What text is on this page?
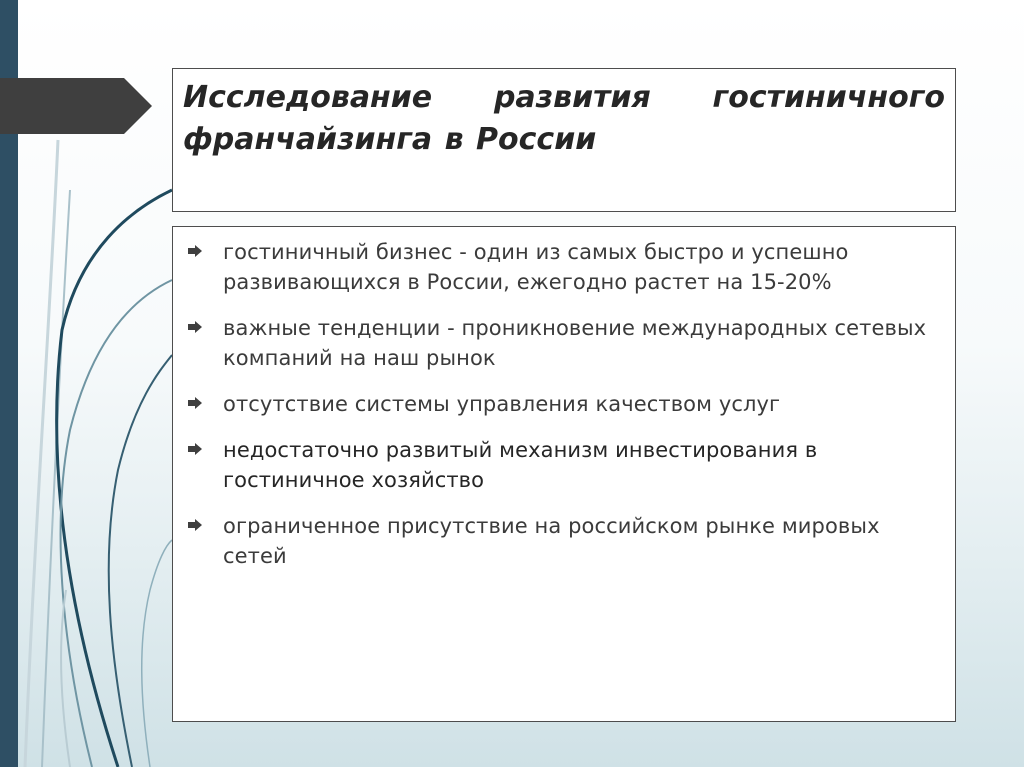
Исследование развития гостиничного франчайзинга в России
гостиничный бизнес - один из самых быстро и успешно развивающихся в России, ежегодно растет на 15-20%
важные тенденции - проникновение международных сетевых компаний на наш рынок
отсутствие системы управления качеством услуг
недостаточно развитый механизм инвестирования в гостиничное хозяйство
ограниченное присутствие на российском рынке мировых сетей
